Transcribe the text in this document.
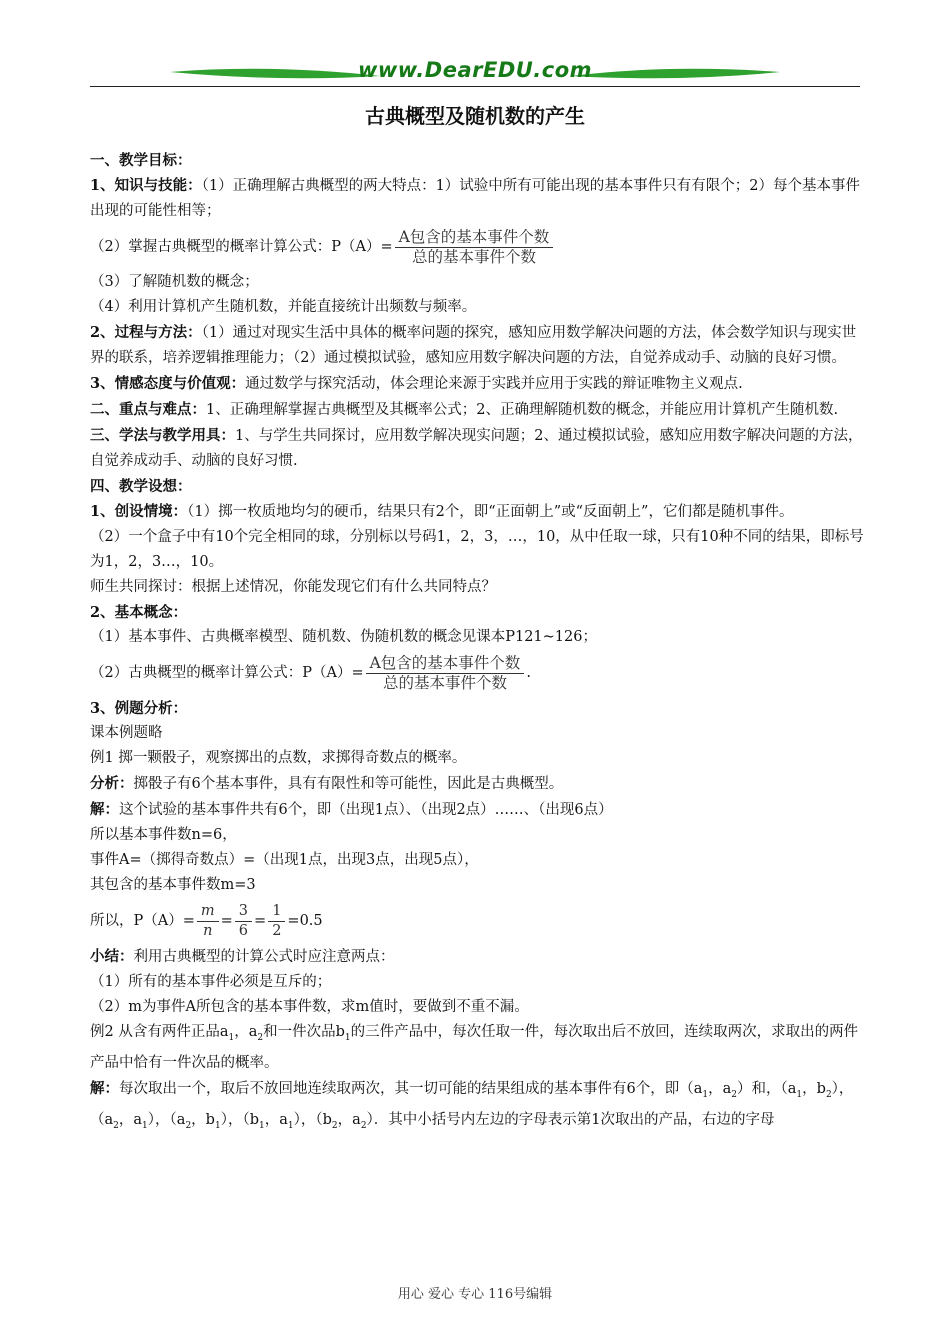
www.DearEDU.com
古典概型及随机数的产生

一、教学目标：

1、知识与技能：（1）正确理解古典概型的两大特点：1）试验中所有可能出现的基本事件只有有限个；2）每个基本事件出现的可能性相等；

（2）掌握古典概型的概率计算公式：$P(A)= \frac{\text{A包含的基本事件个数}}{\text{总的基本事件个数}}$

（3）了解随机数的概念；

（4）利用计算机产生随机数，并能直接统计出频数与频率。

2、过程与方法：（1）通过对现实生活中具体的概率问题的探究，感知应用数学解决问题的方法，体会数学知识与现实世界的联系，培养逻辑推理能力；（2）通过模拟试验，感知应用数字解决问题的方法，自觉养成动手、动脑的良好习惯。

3、情感态度与价值观：通过数学与探究活动，体会理论来源于实践并应用于实践的辩证唯物主义观点.

二、重点与难点：1、正确理解掌握古典概型及其概率公式；2、正确理解随机数的概念，并能应用计算机产生随机数.

三、学法与教学用具：1、与学生共同探讨，应用数学解决现实问题；2、通过模拟试验，感知应用数字解决问题的方法，自觉养成动手、动脑的良好习惯.

四、教学设想：

1、创设情境：（1）掷一枚质地均匀的硬币，结果只有2个，即“正面朝上”或“反面朝上”，它们都是随机事件。

（2）一个盒子中有10个完全相同的球，分别标以号码1，2，3，…，10，从中任取一球，只有10种不同的结果，即标号为1，2，3…，10。

师生共同探讨：根据上述情况，你能发现它们有什么共同特点？

2、基本概念：

（1）基本事件、古典概率模型、随机数、伪随机数的概念见课本P121~126；

（2）古典概型的概率计算公式：$P(A)= \frac{\text{A包含的基本事件个数}}{\text{总的基本事件个数}}$ .

3、例题分析：

课本例题略

例1 掷一颗骰子，观察掷出的点数，求掷得奇数点的概率。

分析：掷骰子有6个基本事件，具有有限性和等可能性，因此是古典概型。

解：这个试验的基本事件共有6个，即（出现1点）、（出现2点）……、（出现6点）

所以基本事件数n=6，

事件A=（掷得奇数点）=（出现1点，出现3点，出现5点），

其包含的基本事件数m=3

所以，$P(A)= \frac{m}{n} = \frac{3}{6} = \frac{1}{2} =0.5$

小结：利用古典概型的计算公式时应注意两点：

（1）所有的基本事件必须是互斥的；

（2）m为事件A所包含的基本事件数，求m值时，要做到不重不漏。

例2 从含有两件正品$a_1$，$a_2$和一件次品$b_1$的三件产品中，每次任取一件，每次取出后不放回，连续取两次，求取出的两件产品中恰有一件次品的概率。

解：每次取出一个，取后不放回地连续取两次，其一切可能的结果组成的基本事件有6个，即（$a_1$，$a_2$）和，（$a_1$，$b_2$），（$a_2$，$a_1$），（$a_2$，$b_1$），（$b_1$，$a_1$），（$b_2$，$a_2$）．其中小括号内左边的字母表示第1次取出的产品，右边的字母

用心 爱心 专心 116号编辑
